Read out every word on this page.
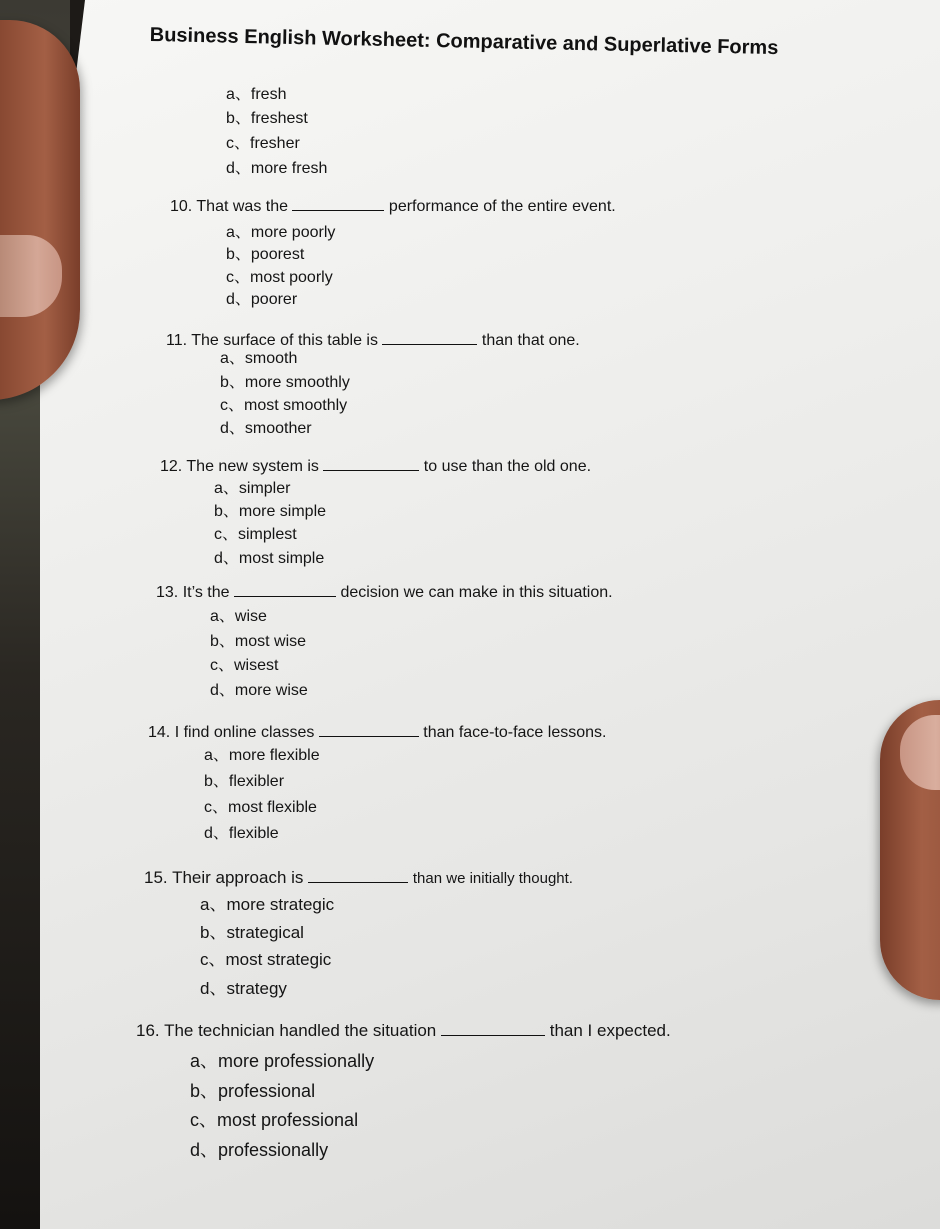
Business English Worksheet: Comparative and Superlative Forms
a、fresh
b、freshest
c、fresher
d、more fresh
10. That was the	performance of the entire event.
a、more poorly
b、poorest
c、most poorly
d、poorer
11. The surface of this table is	than that one.
a、smooth
b、more smoothly
c、most smoothly
d、smoother
12. The new system is	to use than the old one.
a、simpler
b、more simple
c、simplest
d、most simple
13. It’s the	decision we can make in this situation.
a、wise
b、most wise
c、wisest
d、more wise
14. I find online classes	than face-to-face lessons.
a、more flexible
b、flexibler
c、most flexible
d、flexible
15. Their approach is	than we initially thought.
a、more strategic
b、strategical
c、most strategic
d、strategy
16. The technician handled the situation	than I expected.
a、more professionally
b、professional
c、most professional
d、professionally
